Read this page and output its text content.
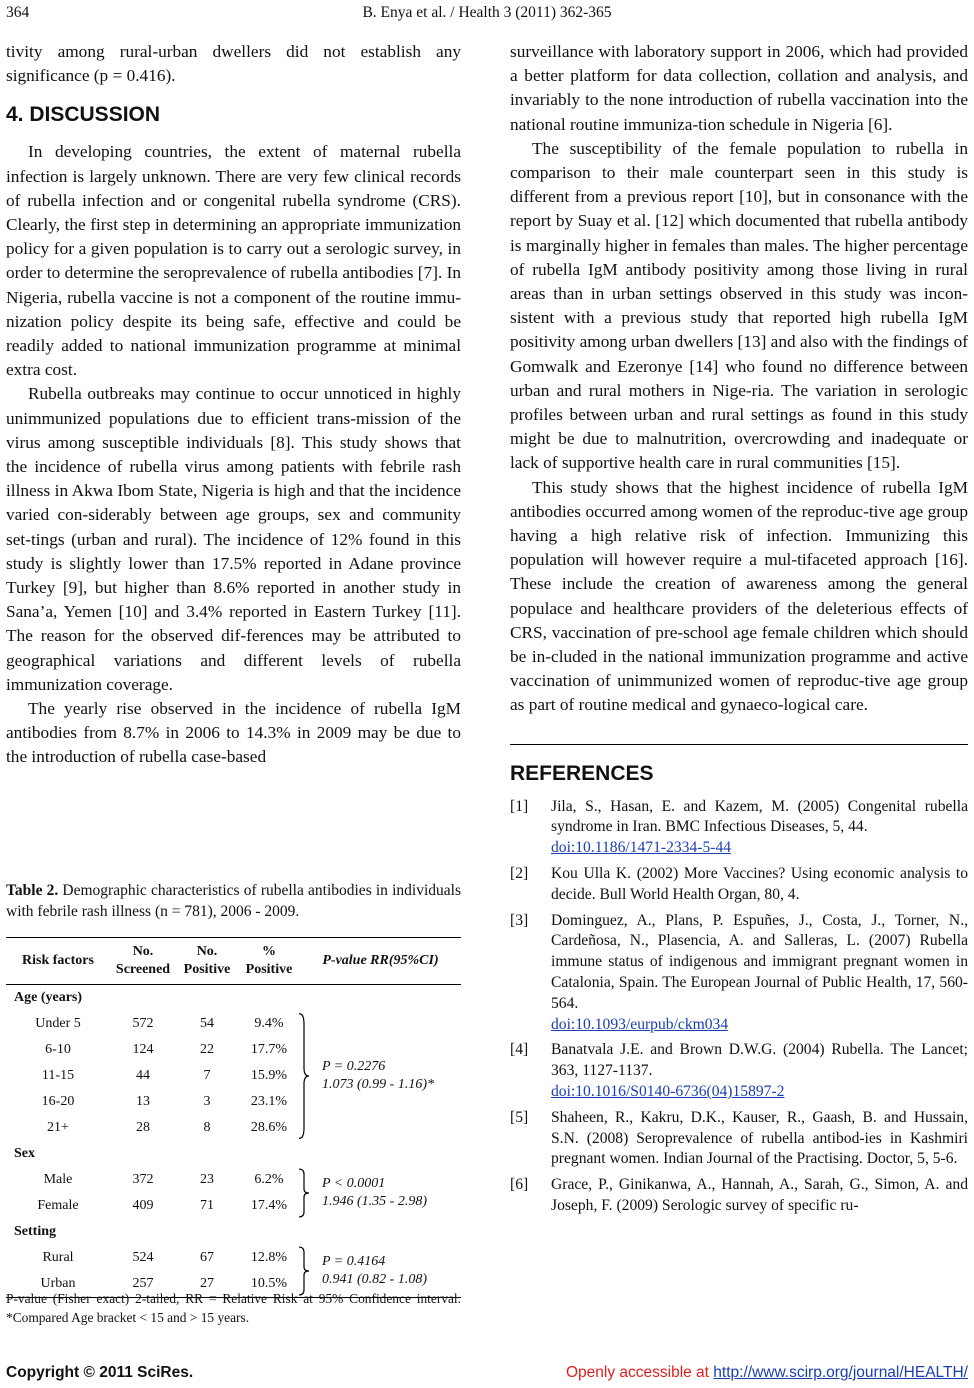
364	B. Enya et al. / Health 3 (2011) 362-365

tivity among rural-urban dwellers did not establish any significance (p = 0.416).

4. DISCUSSION

In developing countries, the extent of maternal rubella infection is largely unknown. There are very few clinical records of rubella infection and or congenital rubella syndrome (CRS). Clearly, the first step in determining an appropriate immunization policy for a given population is to carry out a serologic survey, in order to determine the seroprevalence of rubella antibodies [7]. In Nigeria, rubella vaccine is not a component of the routine immu-nization policy despite its being safe, effective and could be readily added to national immunization programme at minimal extra cost.

Rubella outbreaks may continue to occur unnoticed in highly unimmunized populations due to efficient trans-mission of the virus among susceptible individuals [8]. This study shows that the incidence of rubella virus among patients with febrile rash illness in Akwa Ibom State, Nigeria is high and that the incidence varied con-siderably between age groups, sex and community set-tings (urban and rural). The incidence of 12% found in this study is slightly lower than 17.5% reported in Adane province Turkey [9], but higher than 8.6% reported in another study in Sana’a, Yemen [10] and 3.4% reported in Eastern Turkey [11]. The reason for the observed dif-ferences may be attributed to geographical variations and different levels of rubella immunization coverage.

The yearly rise observed in the incidence of rubella IgM antibodies from 8.7% in 2006 to 14.3% in 2009 may be due to the introduction of rubella case-based

Table 2. Demographic characteristics of rubella antibodies in individuals with febrile rash illness (n = 781), 2006 - 2009.
Risk factors	No. Screened	No. Positive	% Positive	P-value RR(95%CI)
Age (years)				
Under 5	572	54	9.4%	P = 0.2276
1.073 (0.99 - 1.16)*

6-10	124	22	17.7%	
11-15	44	7	15.9%	
16-20	13	3	23.1%	
21+	28	8	28.6%	
Sex				
Male	372	23	6.2%	P < 0.0001
1.946 (1.35 - 2.98)

Female	409	71	17.4%	
Setting				
Rural	524	67	12.8%	P = 0.4164
0.941 (0.82 - 1.08)

Urban	257	27	10.5%	
P-value (Fisher exact) 2-tailed, RR = Relative Risk at 95% Confidence interval. *Compared Age bracket < 15 and > 15 years.

surveillance with laboratory support in 2006, which had provided a better platform for data collection, collation and analysis, and invariably to the none introduction of rubella vaccination into the national routine immuniza-tion schedule in Nigeria [6].

The susceptibility of the female population to rubella in comparison to their male counterpart seen in this study is different from a previous report [10], but in consonance with the report by Suay et al. [12] which documented that rubella antibody is marginally higher in females than males. The higher percentage of rubella IgM antibody positivity among those living in rural areas than in urban settings observed in this study was incon-sistent with a previous study that reported high rubella IgM positivity among urban dwellers [13] and also with the findings of Gomwalk and Ezeronye [14] who found no difference between urban and rural mothers in Nige-ria. The variation in serologic profiles between urban and rural settings as found in this study might be due to malnutrition, overcrowding and inadequate or lack of supportive health care in rural communities [15].

This study shows that the highest incidence of rubella IgM antibodies occurred among women of the reproduc-tive age group having a high relative risk of infection. Immunizing this population will however require a mul-tifaceted approach [16]. These include the creation of awareness among the general populace and healthcare providers of the deleterious effects of CRS, vaccination of pre-school age female children which should be in-cluded in the national immunization programme and active vaccination of unimmunized women of reproduc-tive age group as part of routine medical and gynaeco-logical care.

REFERENCES
[1] Jila, S., Hasan, E. and Kazem, M. (2005) Congenital rubella syndrome in Iran. BMC Infectious Diseases, 5, 44.
doi:10.1186/1471-2334-5-44
[2] Kou Ulla K. (2002) More Vaccines? Using economic analysis to decide. Bull World Health Organ, 80, 4.
[3] Dominguez, A., Plans, P. Espuñes, J., Costa, J., Torner, N., Cardeñosa, N., Plasencia, A. and Salleras, L. (2007) Rubella immune status of indigenous and immigrant pregnant women in Catalonia, Spain. The European Journal of Public Health, 17, 560-564.
doi:10.1093/eurpub/ckm034
[4] Banatvala J.E. and Brown D.W.G. (2004) Rubella. The Lancet; 363, 1127-1137.
doi:10.1016/S0140-6736(04)15897-2
[5] Shaheen, R., Kakru, D.K., Kauser, R., Gaash, B. and Hussain, S.N. (2008) Seroprevalence of rubella antibod-ies in Kashmiri pregnant women. Indian Journal of the Practising. Doctor, 5, 5-6.
[6] Grace, P., Ginikanwa, A., Hannah, A., Sarah, G., Simon, A. and Joseph, F. (2009) Serologic survey of specific ru-
Copyright © 2011 SciRes.	Openly accessible at http://www.scirp.org/journal/HEALTH/
